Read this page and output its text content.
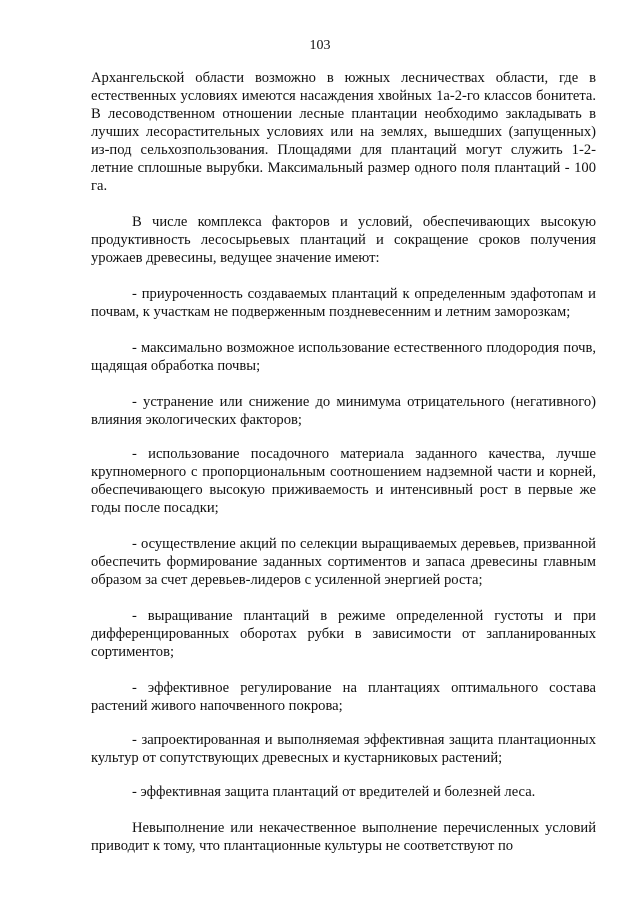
103

Архангельской области возможно в южных лесничествах области, где в естественных условиях имеются насаждения хвойных 1а-2-го классов бонитета. В лесоводственном отношении лесные плантации необходимо закладывать в лучших лесорастительных условиях или на землях, вышедших (запущенных) из-под сельхозпользования. Площадями для плантаций могут служить 1-2-летние сплошные вырубки. Максимальный размер одного поля плантаций - 100 га.

В числе комплекса факторов и условий, обеспечивающих высокую продуктивность лесосырьевых плантаций и сокращение сроков получения урожаев древесины, ведущее значение имеют:

- приуроченность создаваемых плантаций к определенным эдафотопам и почвам, к участкам не подверженным поздневесенним и летним заморозкам;

- максимально возможное использование естественного плодородия почв, щадящая обработка почвы;

- устранение или снижение до минимума отрицательного (негативного) влияния экологических факторов;

- использование посадочного материала заданного качества, лучше крупномерного с пропорциональным соотношением надземной части и корней, обеспечивающего высокую приживаемость и интенсивный рост в первые же годы после посадки;

- осуществление акций по селекции выращиваемых деревьев, призванной обеспечить формирование заданных сортиментов и запаса древесины главным образом за счет деревьев-лидеров с усиленной энергией роста;

- выращивание плантаций в режиме определенной густоты и при дифференцированных оборотах рубки в зависимости от запланированных сортиментов;

- эффективное регулирование на плантациях оптимального состава растений живого напочвенного покрова;

- запроектированная и выполняемая эффективная защита плантационных культур от сопутствующих древесных и кустарниковых растений;

- эффективная защита плантаций от вредителей и болезней леса.

Невыполнение или некачественное выполнение перечисленных условий приводит к тому, что плантационные культуры не соответствуют по
